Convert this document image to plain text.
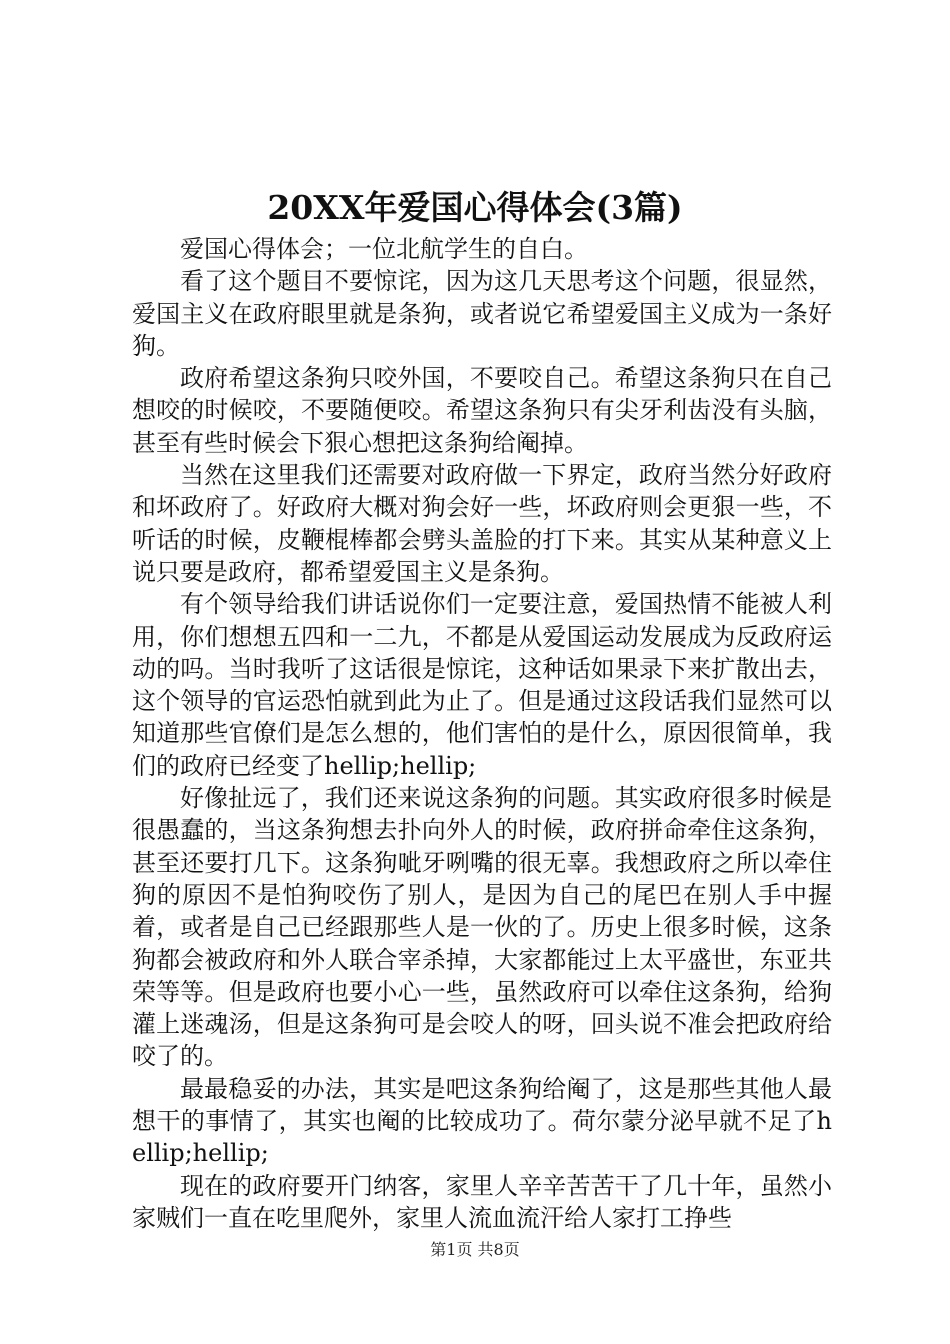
20XX年爱国心得体会(3篇)

爱国心得体会；一位北航学生的自白。

看了这个题目不要惊诧，因为这几天思考这个问题，很显然，爱国主义在政府眼里就是条狗，或者说它希望爱国主义成为一条好狗。

政府希望这条狗只咬外国，不要咬自己。希望这条狗只在自己想咬的时候咬，不要随便咬。希望这条狗只有尖牙利齿没有头脑，甚至有些时候会下狠心想把这条狗给阉掉。

当然在这里我们还需要对政府做一下界定，政府当然分好政府和坏政府了。好政府大概对狗会好一些，坏政府则会更狠一些，不听话的时候，皮鞭棍棒都会劈头盖脸的打下来。其实从某种意义上说只要是政府，都希望爱国主义是条狗。

有个领导给我们讲话说你们一定要注意，爱国热情不能被人利用，你们想想五四和一二九，不都是从爱国运动发展成为反政府运动的吗。当时我听了这话很是惊诧，这种话如果录下来扩散出去，这个领导的官运恐怕就到此为止了。但是通过这段话我们显然可以知道那些官僚们是怎么想的，他们害怕的是什么，原因很简单，我们的政府已经变了hellip;hellip;

好像扯远了，我们还来说这条狗的问题。其实政府很多时候是很愚蠢的，当这条狗想去扑向外人的时候，政府拼命牵住这条狗，甚至还要打几下。这条狗呲牙咧嘴的很无辜。我想政府之所以牵住狗的原因不是怕狗咬伤了别人，是因为自己的尾巴在别人手中握着，或者是自己已经跟那些人是一伙的了。历史上很多时候，这条狗都会被政府和外人联合宰杀掉，大家都能过上太平盛世，东亚共荣等等。但是政府也要小心一些，虽然政府可以牵住这条狗，给狗灌上迷魂汤，但是这条狗可是会咬人的呀，回头说不准会把政府给咬了的。

最最稳妥的办法，其实是吧这条狗给阉了，这是那些其他人最想干的事情了，其实也阉的比较成功了。荷尔蒙分泌早就不足了hellip;hellip;

现在的政府要开门纳客，家里人辛辛苦苦干了几十年，虽然小家贼们一直在吃里爬外，家里人流血流汗给人家打工挣些

第1页 共8页
